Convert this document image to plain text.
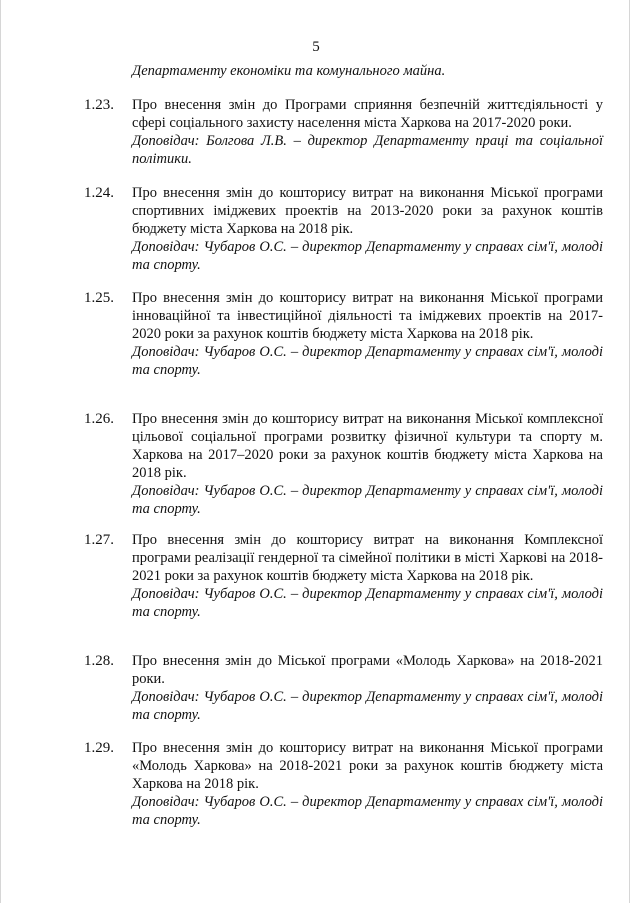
5
Департаменту економіки та комунального майна.
1.23. Про внесення змін до Програми сприяння безпечній життєдіяльності у сфері соціального захисту населення міста Харкова на 2017-2020 роки.
Доповідач: Болгова Л.В. – директор Департаменту праці та соціальної політики.
1.24. Про внесення змін до кошторису витрат на виконання Міської програми спортивних іміджевих проектів на 2013-2020 роки за рахунок коштів бюджету міста Харкова на 2018 рік.
Доповідач: Чубаров О.С. – директор Департаменту у справах сім'ї, молоді та спорту.
1.25. Про внесення змін до кошторису витрат на виконання Міської програми інноваційної та інвестиційної діяльності та іміджевих проектів на 2017-2020 роки за рахунок коштів бюджету міста Харкова на 2018 рік.
Доповідач: Чубаров О.С. – директор Департаменту у справах сім'ї, молоді та спорту.
1.26. Про внесення змін до кошторису витрат на виконання Міської комплексної цільової соціальної програми розвитку фізичної культури та спорту м. Харкова на 2017–2020 роки за рахунок коштів бюджету міста Харкова на 2018 рік.
Доповідач: Чубаров О.С. – директор Департаменту у справах сім'ї, молоді та спорту.
1.27. Про внесення змін до кошторису витрат на виконання Комплексної програми реалізації гендерної та сімейної політики в місті Харкові на 2018-2021 роки за рахунок коштів бюджету міста Харкова на 2018 рік.
Доповідач: Чубаров О.С. – директор Департаменту у справах сім'ї, молоді та спорту.
1.28. Про внесення змін до Міської програми «Молодь Харкова» на 2018-2021 роки.
Доповідач: Чубаров О.С. – директор Департаменту у справах сім'ї, молоді та спорту.
1.29. Про внесення змін до кошторису витрат на виконання Міської програми «Молодь Харкова» на 2018-2021 роки за рахунок коштів бюджету міста Харкова на 2018 рік.
Доповідач: Чубаров О.С. – директор Департаменту у справах сім'ї, молоді та спорту.
